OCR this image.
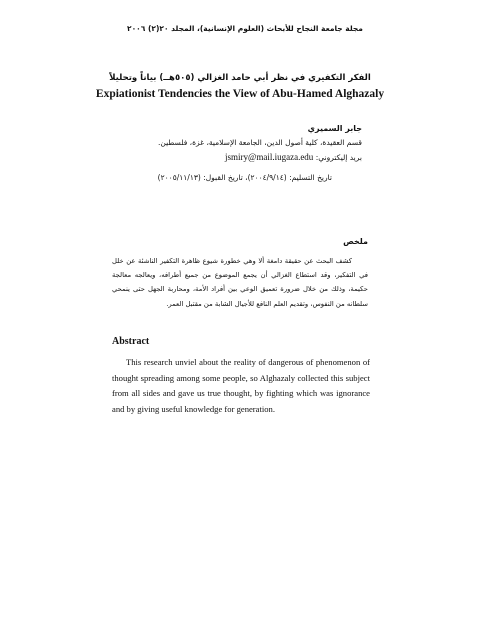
مجلة جامعة النجاح للأبحاث (العلوم الإنسانية)، المجلد ٢٠(٢) ٢٠٠٦
الفكر التكفيري في نظر أبي حامد الغزالي (٥٠٥هــ) بياناً وتحليلاً
Expiationist Tendencies the View of Abu-Hamed Alghazaly
جابر السميري
قسم العقيدة، كلية أصول الدين، الجامعة الإسلامية، غزة، فلسطين.
بريد إليكتروني: jsmiry@mail.iugaza.edu
تاريخ التسليم: (٢٠٠٤/٩/١٤)، تاريخ القبول: (٢٠٠٥/١١/١٣)
ملخص

كشف البحث عن حقيقة دامغة ألا وهي خطورة شيوع ظاهرة التكفير الناشئة عن خلل في التفكير، وقد استطاع الغزالي أن يجمع الموضوع من جميع أطرافه، ويعالجه معالجة حكيمة، وذلك من خلال ضرورة تعميق الوعي بين أفراد الأمة، ومحاربة الجهل حتى ينمحي سلطانه من النفوس، وتقديم العلم النافع للأجيال الشابة من مقتبل العمر.

Abstract

This research unviel about the reality of dangerous of phenomenon of thought spreading among some people, so Alghazaly collected this subject from all sides and gave us true thought, by fighting which was ignorance and by giving useful knowledge for generation.
